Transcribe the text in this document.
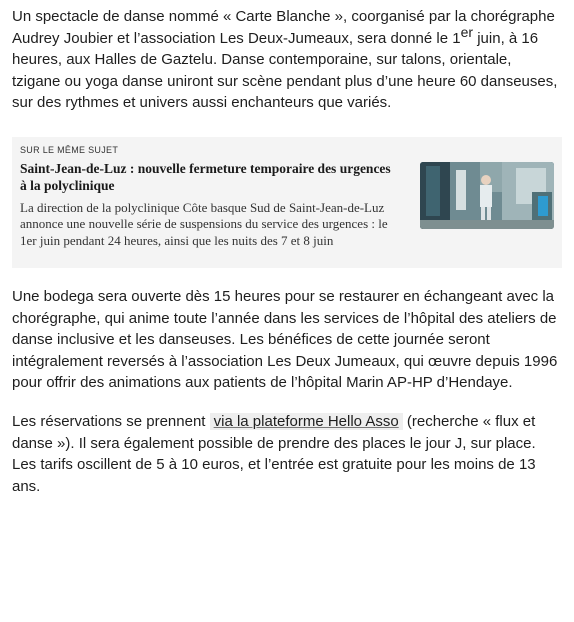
Un spectacle de danse nommé « Carte Blanche », coorganisé par la chorégraphe Audrey Joubier et l’association Les Deux-Jumeaux, sera donné le 1er juin, à 16 heures, aux Halles de Gaztelu. Danse contemporaine, sur talons, orientale, tzigane ou yoga danse uniront sur scène pendant plus d’une heure 60 danseuses, sur des rythmes et univers aussi enchanteurs que variés.

SUR LE MÊME SUJET
Saint-Jean-de-Luz : nouvelle fermeture temporaire des urgences à la polyclinique
La direction de la polyclinique Côte basque Sud de Saint-Jean-de-Luz annonce une nouvelle série de suspensions du service des urgences : le 1er juin pendant 24 heures, ainsi que les nuits des 7 et 8 juin

Une bodega sera ouverte dès 15 heures pour se restaurer en échangeant avec la chorégraphe, qui anime toute l’année dans les services de l’hôpital des ateliers de danse inclusive et les danseuses. Les bénéfices de cette journée seront intégralement reversés à l’association Les Deux Jumeaux, qui œuvre depuis 1996 pour offrir des animations aux patients de l’hôpital Marin AP-HP d’Hendaye.

Les réservations se prennent via la plateforme Hello Asso (recherche « flux et danse »). Il sera également possible de prendre des places le jour J, sur place. Les tarifs oscillent de 5 à 10 euros, et l’entrée est gratuite pour les moins de 13 ans.
